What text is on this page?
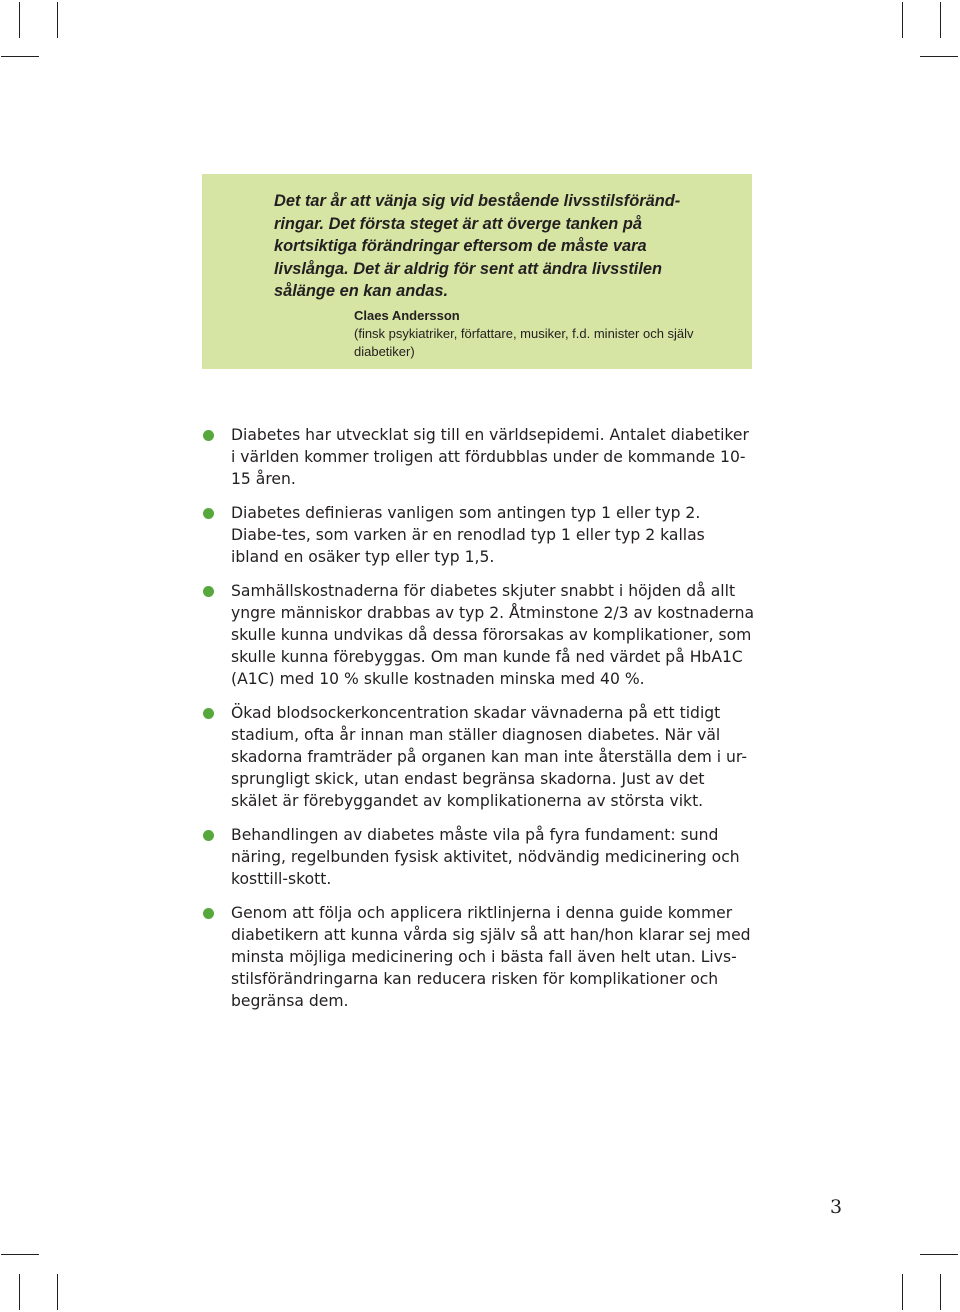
Det tar år att vänja sig vid bestående livsstilsföränd-ringar. Det första steget är att överge tanken på kortsiktiga förändringar eftersom de måste vara livslånga. Det är aldrig för sent att ändra livsstilen sålänge en kan andas.

Claes Andersson
(finsk psykiatriker, författare, musiker, f.d. minister och själv diabetiker)
Diabetes har utvecklat sig till en världsepidemi. Antalet diabetiker i världen kommer troligen att fördubblas under de kommande 10-15 åren.
Diabetes definieras vanligen som antingen typ 1 eller typ 2. Diabe-tes, som varken är en renodlad typ 1 eller typ 2 kallas ibland en osäker typ eller typ 1,5.
Samhällskostnaderna för diabetes skjuter snabbt i höjden då allt yngre människor drabbas av typ 2. Åtminstone 2/3 av kostnaderna skulle kunna undvikas då dessa förorsakas av komplikationer, som skulle kunna förebyggas. Om man kunde få ned värdet på HbA1C (A1C) med 10 % skulle kostnaden minska med 40 %.
Ökad blodsockerkoncentration skadar vävnaderna på ett tidigt stadium, ofta år innan man ställer diagnosen diabetes. När väl skadorna framträder på organen kan man inte återställa dem i ur-sprungligt skick, utan endast begränsa skadorna. Just av det skälet är förebyggandet av komplikationerna av största vikt.
Behandlingen av diabetes måste vila på fyra fundament: sund näring, regelbunden fysisk aktivitet, nödvändig medicinering och kosttill-skott.
Genom att följa och applicera riktlinjerna i denna guide kommer diabetikern att kunna vårda sig själv så att han/hon klarar sej med minsta möjliga medicinering och i bästa fall även helt utan. Livs-stilsförändringarna kan reducera risken för komplikationer och begränsa dem.
3
